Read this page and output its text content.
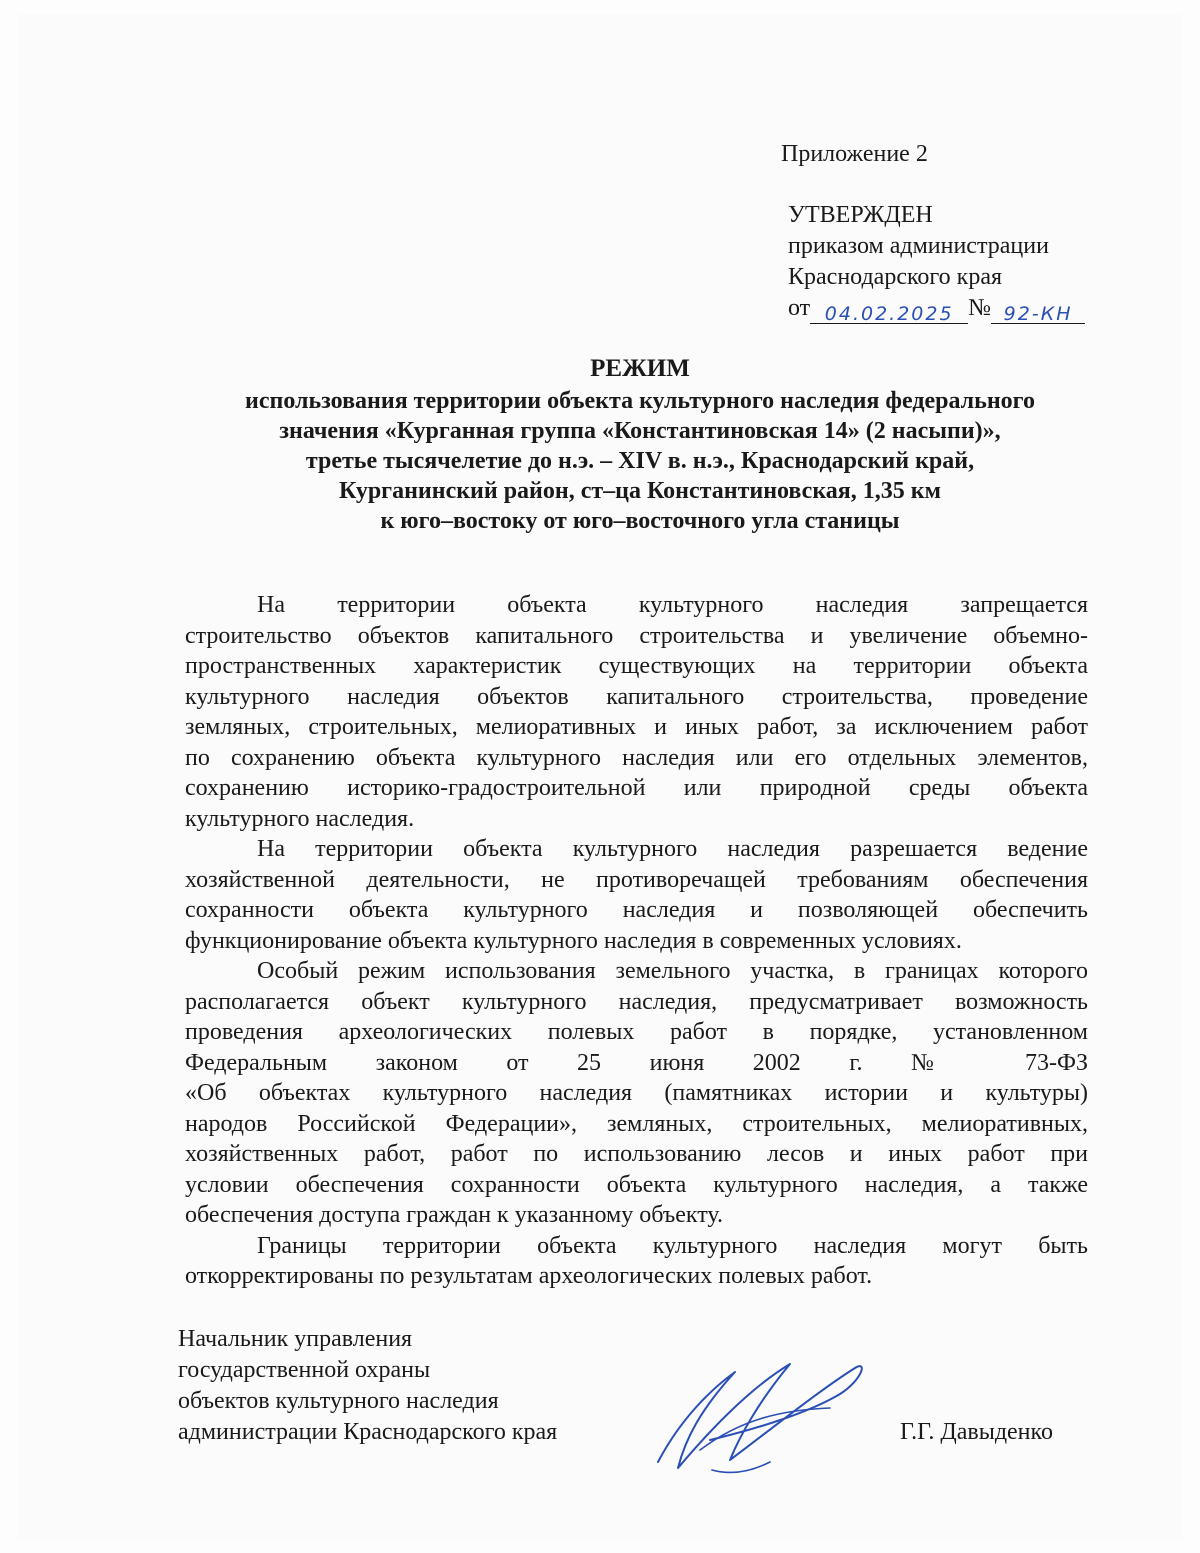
Приложение 2
УТВЕРЖДЕН
приказом администрации
Краснодарского края
от 04.02.2025 № 92-КН
РЕЖИМ
использования территории объекта культурного наследия федерального
значения «Курганная группа «Константиновская 14» (2 насыпи)»,
третье тысячелетие до н.э. – XIV в. н.э., Краснодарский край,
Курганинский район, ст–ца Константиновская, 1,35 км
к юго–востоку от юго–восточного угла станицы

На территории объекта культурного наследия запрещается
строительство объектов капитального строительства и увеличение объемно-
пространственных характеристик существующих на территории объекта
культурного наследия объектов капитального строительства, проведение
земляных, строительных, мелиоративных и иных работ, за исключением работ
по сохранению объекта культурного наследия или его отдельных элементов,
сохранению историко-градостроительной или природной среды объекта
культурного наследия.

На территории объекта культурного наследия разрешается ведение
хозяйственной деятельности, не противоречащей требованиям обеспечения
сохранности объекта культурного наследия и позволяющей обеспечить
функционирование объекта культурного наследия в современных условиях.

Особый режим использования земельного участка, в границах которого
располагается объект культурного наследия, предусматривает возможность
проведения археологических полевых работ в порядке, установленном
Федеральным законом от 25 июня 2002 г. № 73-ФЗ
«Об объектах культурного наследия (памятниках истории и культуры)
народов Российской Федерации», земляных, строительных, мелиоративных,
хозяйственных работ, работ по использованию лесов и иных работ при
условии обеспечения сохранности объекта культурного наследия, а также
обеспечения доступа граждан к указанному объекту.

Границы территории объекта культурного наследия могут быть
откорректированы по результатам археологических полевых работ.

Начальник управления
государственной охраны
объектов культурного наследия
администрации Краснодарского края	Г.Г. Давыденко
